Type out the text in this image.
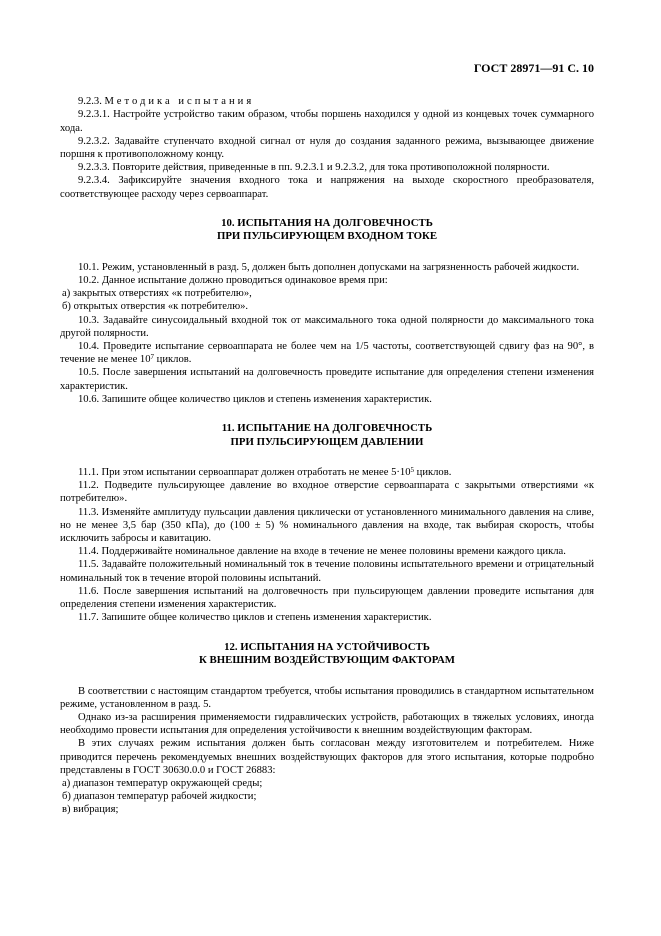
ГОСТ 28971—91 С. 10

9.2.3. Методика испытания

9.2.3.1. Настройте устройство таким образом, чтобы поршень находился у одной из концевых точек суммарного хода.

9.2.3.2. Задавайте ступенчато входной сигнал от нуля до создания заданного режима, вызывающее движение поршня к противоположному концу.

9.2.3.3. Повторите действия, приведенные в пп. 9.2.3.1 и 9.2.3.2, для тока противоположной полярности.

9.2.3.4. Зафиксируйте значения входного тока и напряжения на выходе скоростного преобразователя, соответствующее расходу через сервоаппарат.

10. ИСПЫТАНИЯ НА ДОЛГОВЕЧНОСТЬ
ПРИ ПУЛЬСИРУЮЩЕМ ВХОДНОМ ТОКЕ

10.1. Режим, установленный в разд. 5, должен быть дополнен допусками на загрязненность рабочей жидкости.

10.2. Данное испытание должно проводиться одинаковое время при:

а) закрытых отверстиях «к потребителю»,

б) открытых отверстия «к потребителю».

10.3. Задавайте синусоидальный входной ток от максимального тока одной полярности до максимального тока другой полярности.

10.4. Проведите испытание сервоаппарата не более чем на 1/5 частоты, соответствующей сдвигу фаз на 90°, в течение не менее $10^7$ циклов.

10.5. После завершения испытаний на долговечность проведите испытание для определения степени изменения характеристик.

10.6. Запишите общее количество циклов и степень изменения характеристик.

11. ИСПЫТАНИЕ НА ДОЛГОВЕЧНОСТЬ
ПРИ ПУЛЬСИРУЮЩЕМ ДАВЛЕНИИ

11.1. При этом испытании сервоаппарат должен отработать не менее $5\cdot 10^5$ циклов.

11.2. Подведите пульсирующее давление во входное отверстие сервоаппарата с закрытыми отверстиями «к потребителю».

11.3. Изменяйте амплитуду пульсации давления циклически от установленного минимального давления на сливе, но не менее 3,5 бар (350 кПа), до (100 ± 5) % номинального давления на входе, так выбирая скорость, чтобы исключить забросы и кавитацию.

11.4. Поддерживайте номинальное давление на входе в течение не менее половины времени каждого цикла.

11.5. Задавайте положительный номинальный ток в течение половины испытательного времени и отрицательный номинальный ток в течение второй половины испытаний.

11.6. После завершения испытаний на долговечность при пульсирующем давлении проведите испытания для определения степени изменения характеристик.

11.7. Запишите общее количество циклов и степень изменения характеристик.

12. ИСПЫТАНИЯ НА УСТОЙЧИВОСТЬ
К ВНЕШНИМ ВОЗДЕЙСТВУЮЩИМ ФАКТОРАМ

В соответствии с настоящим стандартом требуется, чтобы испытания проводились в стандартном испытательном режиме, установленном в разд. 5.

Однако из-за расширения применяемости гидравлических устройств, работающих в тяжелых условиях, иногда необходимо провести испытания для определения устойчивости к внешним воздействующим факторам.

В этих случаях режим испытания должен быть согласован между изготовителем и потребителем. Ниже приводится перечень рекомендуемых внешних воздействующих факторов для этого испытания, которые подробно представлены в ГОСТ 30630.0.0 и ГОСТ 26883:

а) диапазон температур окружающей среды;

б) диапазон температур рабочей жидкости;

в) вибрация;
